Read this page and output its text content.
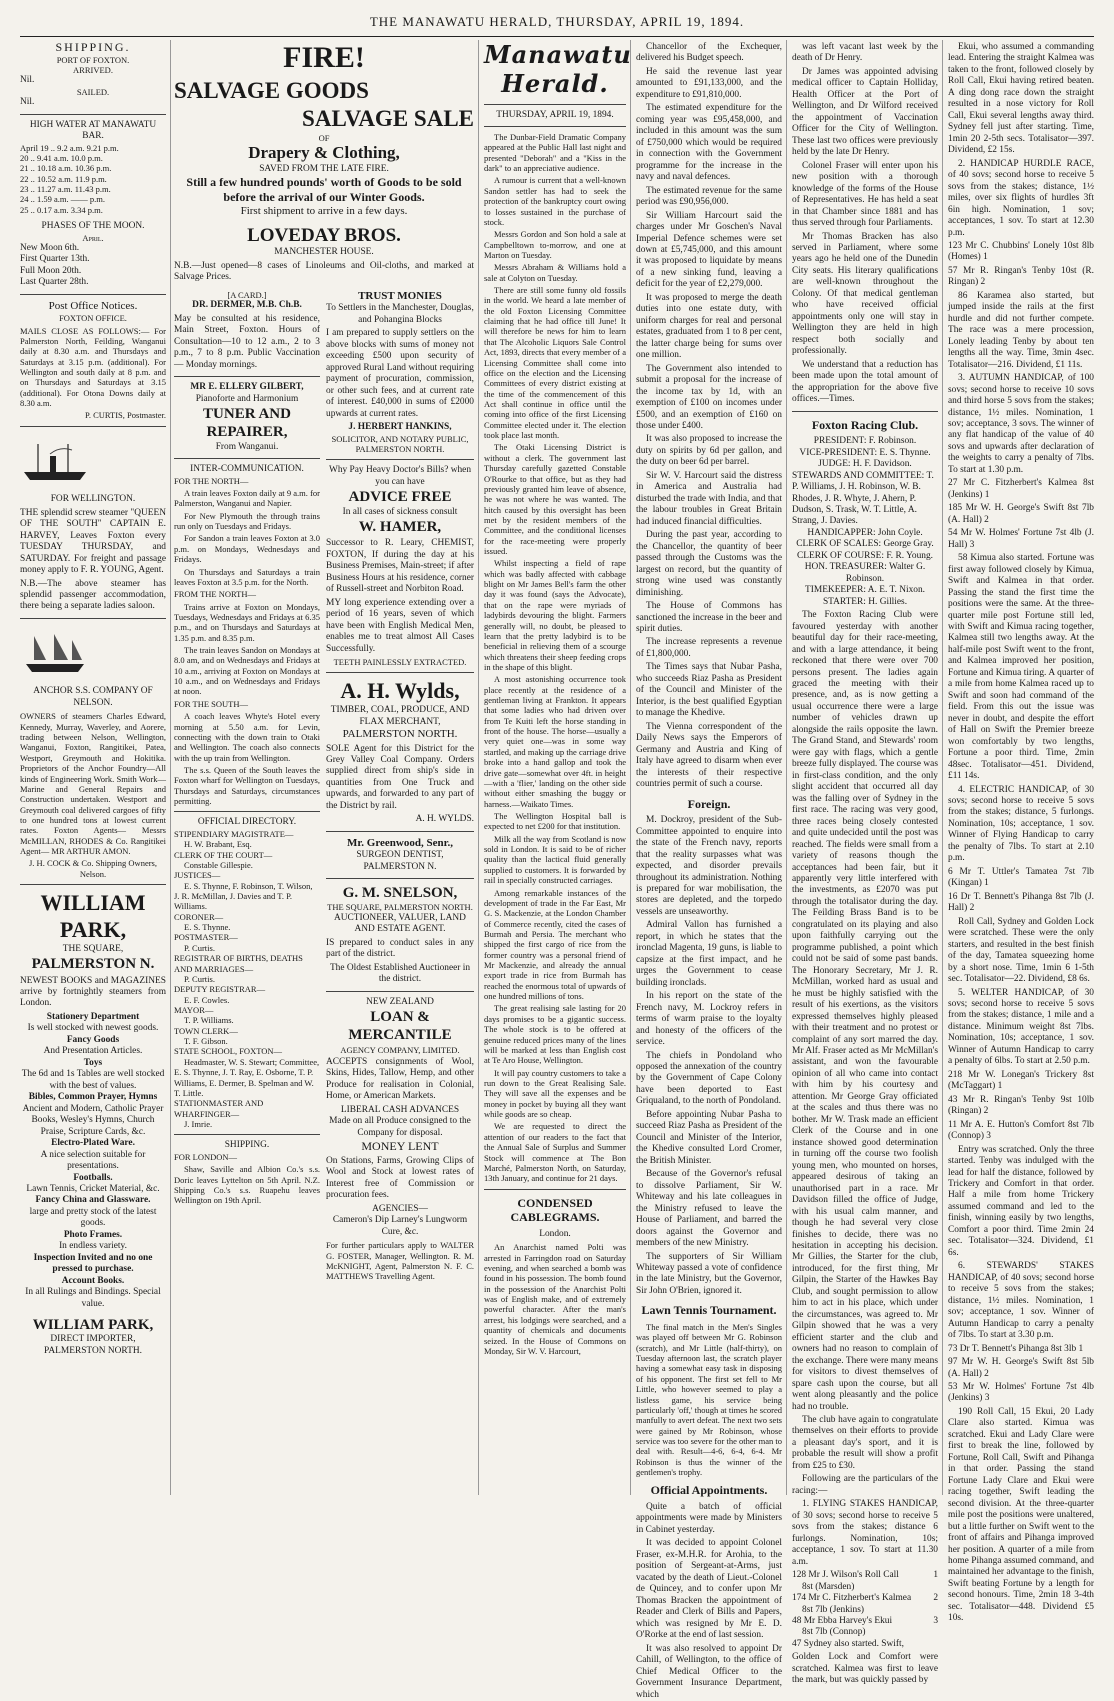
THE MANAWATU HERALD, THURSDAY, APRIL 19, 1894.
SHIPPING.
PORT OF FOXTON.
ARRIVED.
Nil.
SAILED.
Nil.
HIGH WATER AT MANAWATU BAR.
April 19 .. 9.2 a.m. 9.21 p.m.
20 .. 9.41 a.m. 10.0 p.m.
21 .. 10.18 a.m. 10.36 p.m.
22 .. 10.52 a.m. 11.9 p.m.
23 .. 11.27 a.m. 11.43 p.m.
24 .. 1.59 a.m. —— p.m.
25 .. 0.17 a.m. 3.34 p.m.
PHASES OF THE MOON.
April.
New Moon 6th.
First Quarter 13th.
Full Moon 20th.
Last Quarter 28th.
Post Office Notices.
FOXTON OFFICE.

MAILS CLOSE AS FOLLOWS:— For Palmerston North, Feilding, Wanganui daily at 8.30 a.m. and Thursdays and Saturdays at 3.15 p.m. (additional). For Wellington and south daily at 8 p.m. and on Thursdays and Saturdays at 3.15 (additional). For Otona Downs daily at 8.30 a.m.

P. CURTIS, Postmaster.
FOR WELLINGTON.

THE splendid screw steamer "QUEEN OF THE SOUTH" CAPTAIN E. HARVEY, Leaves Foxton every TUESDAY THURSDAY, and SATURDAY. For freight and passage money apply to F. R. YOUNG, Agent.

N.B.—The above steamer has splendid passenger accommodation, there being a separate ladies saloon.

ANCHOR S.S. COMPANY OF NELSON.

OWNERS of steamers Charles Edward, Kennedy, Murray, Waverley, and Aorere, trading between Nelson, Wellington, Wanganui, Foxton, Rangitikei, Patea, Westport, Greymouth and Hokitika. Proprietors of the Anchor Foundry—All kinds of Engineering Work. Smith Work—Marine and General Repairs and Construction undertaken. Westport and Greymouth coal delivered cargoes of fifty to one hundred tons at lowest current rates. Foxton Agents— Messrs McMILLAN, RHODES & Co. Rangitikei Agent— MR ARTHUR AMON.

J. H. COCK & Co. Shipping Owners, Nelson.
WILLIAM PARK,
THE SQUARE,
PALMERSTON N.

NEWEST BOOKS and MAGAZINES arrive by fortnightly steamers from London.

Stationery Department
Is well stocked with newest goods.
Fancy Goods
And Presentation Articles.
Toys
The 6d and 1s Tables are well stocked with the best of values.
Bibles, Common Prayer, Hymns
Ancient and Modern, Catholic Prayer Books, Wesley's Hymns, Church Praise, Scripture Cards, &c.
Electro-Plated Ware.
A nice selection suitable for presentations.
Footballs.
Lawn Tennis, Cricket Material, &c.
Fancy China and Glassware.
large and pretty stock of the latest goods.
Photo Frames.
In endless variety.
Inspection Invited and no one pressed to purchase.
Account Books.
In all Rulings and Bindings. Special value.
WILLIAM PARK,
DIRECT IMPORTER,
PALMERSTON NORTH.
FIRE!
SALVAGE GOODS
SALVAGE SALE
OF
Drapery & Clothing,
SAVED FROM THE LATE FIRE.
Still a few hundred pounds' worth of Goods to be sold before the arrival of our Winter Goods.
First shipment to arrive in a few days.
LOVEDAY BROS.
MANCHESTER HOUSE.

N.B.—Just opened—8 cases of Linoleums and Oil-cloths, and marked at Salvage Prices.

[A CARD.]
DR. DERMER, M.B. Ch.B.

May be consulted at his residence, Main Street, Foxton. Hours of Consultation—10 to 12 a.m., 2 to 3 p.m., 7 to 8 p.m. Public Vaccination — Monday mornings.

MR E. ELLERY GILBERT,
Pianoforte and Harmonium
TUNER AND REPAIRER,
From Wanganui.
INTER-COMMUNICATION.
FOR THE NORTH—

A train leaves Foxton daily at 9 a.m. for Palmerston, Wanganui and Napier.

For New Plymouth the through trains run only on Tuesdays and Fridays.

For Sandon a train leaves Foxton at 3.0 p.m. on Mondays, Wednesdays and Fridays.

On Thursdays and Saturdays a train leaves Foxton at 3.5 p.m. for the North.

FROM THE NORTH—

Trains arrive at Foxton on Mondays, Tuesdays, Wednesdays and Fridays at 6.35 p.m., and on Thursdays and Saturdays at 1.35 p.m. and 8.35 p.m.

The train leaves Sandon on Mondays at 8.0 am, and on Wednesdays and Fridays at 10 a.m., arriving at Foxton on Mondays at 10 a.m., and on Wednesdays and Fridays at noon.

FOR THE SOUTH—

A coach leaves Whyte's Hotel every morning at 5.50 a.m. for Levin, connecting with the down train to Otaki and Wellington. The coach also connects with the up train from Wellington.

The s.s. Queen of the South leaves the Foxton wharf for Wellington on Tuesdays, Thursdays and Saturdays, circumstances permitting.

OFFICIAL DIRECTORY.
STIPENDIARY MAGISTRATE—
H. W. Brabant, Esq.
CLERK OF THE COURT—
Constable Gillespie.
JUSTICES—
E. S. Thynne, F. Robinson, T. Wilson, J. R. McMillan, J. Davies and T. P. Williams.
CORONER—
E. S. Thynne.
POSTMASTER—
P. Curtis.
REGISTRAR OF BIRTHS, DEATHS AND MARRIAGES—
P. Curtis.
DEPUTY REGISTRAR—
E. F. Cowles.
MAYOR—
T. P. Williams.
TOWN CLERK—
T. F. Gibson.
STATE SCHOOL, FOXTON—
Headmaster, W. S. Stewart; Committee, E. S. Thynne, J. T. Ray, E. Osborne, T. P. Williams, E. Dermer, B. Spelman and W. T. Little.
STATIONMASTER AND WHARFINGER—
J. Imrie.
SHIPPING.
FOR LONDON—

Shaw, Saville and Albion Co.'s s.s. Doric leaves Lyttelton on 5th April. N.Z. Shipping Co.'s s.s. Ruapehu leaves Wellington on 19th April.

TRUST MONIES
To Settlers in the Manchester, Douglas, and Pohangina Blocks

I am prepared to supply settlers on the above blocks with sums of money not exceeding £500 upon security of approved Rural Land without requiring payment of procuration, commission, or other such fees, and at current rate of interest. £40,000 in sums of £2000 upwards at current rates.

J. HERBERT HANKINS,
SOLICITOR, AND NOTARY PUBLIC, PALMERSTON NORTH.
Why Pay Heavy Doctor's Bills? when you can have
ADVICE FREE
In all cases of sickness consult
W. HAMER,

Successor to R. Leary, CHEMIST, FOXTON, If during the day at his Business Premises, Main-street; if after Business Hours at his residence, corner of Russell-street and Norbiton Road.

MY long experience extending over a period of 16 years, seven of which have been with English Medical Men, enables me to treat almost All Cases Successfully.

TEETH PAINLESSLY EXTRACTED.
A. H. Wylds,
TIMBER, COAL, PRODUCE, AND FLAX MERCHANT,
PALMERSTON NORTH.

SOLE Agent for this District for the Grey Valley Coal Company. Orders supplied direct from ship's side in quantities from One Truck and upwards, and forwarded to any part of the District by rail.

A. H. WYLDS.
Mr. Greenwood, Senr.,
SURGEON DENTIST,
PALMERSTON N.
G. M. SNELSON,
THE SQUARE, PALMERSTON NORTH.
AUCTIONEER, VALUER, LAND AND ESTATE AGENT.

IS prepared to conduct sales in any part of the district.

The Oldest Established Auctioneer in the district.
NEW ZEALAND
LOAN & MERCANTILE
AGENCY COMPANY, LIMITED.

ACCEPTS consignments of Wool, Skins, Hides, Tallow, Hemp, and other Produce for realisation in Colonial, Home, or American Markets.

LIBERAL CASH ADVANCES
Made on all Produce consigned to the Company for disposal.
MONEY LENT

On Stations, Farms, Growing Clips of Wool and Stock at lowest rates of Interest free of Commission or procuration fees.

AGENCIES—
Cameron's Dip Larney's Lungworm Cure, &c.

For further particulars apply to WALTER G. FOSTER, Manager, Wellington. R. M. McKNIGHT, Agent, Palmerston N. F. C. MATTHEWS Travelling Agent.

Manawatu Herald.
THURSDAY, APRIL 19, 1894.

The Dunbar-Field Dramatic Company appeared at the Public Hall last night and presented "Deborah" and a "Kiss in the dark" to an appreciative audience.

A rumour is current that a well-known Sandon settler has had to seek the protection of the bankruptcy court owing to losses sustained in the purchase of stock.

Messrs Gordon and Son hold a sale at Campbelltown to-morrow, and one at Marton on Tuesday.

Messrs Abraham & Williams hold a sale at Colyton on Tuesday.

There are still some funny old fossils in the world. We heard a late member of the old Foxton Licensing Committee claiming that he had office till June! It will therefore be news for him to learn that The Alcoholic Liquors Sale Control Act, 1893, directs that every member of a Licensing Committee shall come into office on the election and the Licensing Committees of every district existing at the time of the commencement of this Act shall continue in office until the coming into office of the first Licensing Committee elected under it. The election took place last month.

The Otaki Licensing District is without a clerk. The government last Thursday carefully gazetted Constable O'Rourke to that office, but as they had previously granted him leave of absence, he was not where he was wanted. The hitch caused by this oversight has been met by the resident members of the Committee, and the conditional licenses for the race-meeting were properly issued.

Whilst inspecting a field of rape which was badly affected with cabbage blight on Mr James Bell's farm the other day it was found (says the Advocate), that on the rape were myriads of ladybirds devouring the blight. Farmers generally will, no doubt, be pleased to learn that the pretty ladybird is to be beneficial in relieving them of a scourge which threatens their sheep feeding crops in the shape of this blight.

A most astonishing occurrence took place recently at the residence of a gentleman living at Frankton. It appears that some ladies who had driven over from Te Kuiti left the horse standing in front of the house. The horse—usually a very quiet one—was in some way startled, and making up the carriage drive broke into a hand gallop and took the drive gate—somewhat over 4ft. in height—with a 'flier,' landing on the other side without either smashing the buggy or harness.—Waikato Times.

The Wellington Hospital ball is expected to net £200 for that institution.

Milk all the way from Scotland is now sold in London. It is said to be of richer quality than the lactical fluid generally supplied to customers. It is forwarded by rail in specially constructed carriages.

Among remarkable instances of the development of trade in the Far East, Mr G. S. Mackenzie, at the London Chamber of Commerce recently, cited the cases of Burmah and Persia. The merchant who shipped the first cargo of rice from the former country was a personal friend of Mr Mackenzie, and already the annual export trade in rice from Burmah has reached the enormous total of upwards of one hundred millions of tons.

The great realising sale lasting for 20 days promises to be a gigantic success. The whole stock is to be offered at genuine reduced prices many of the lines will be marked at less than English cost at Te Aro House, Wellington.

It will pay country customers to take a run down to the Great Realising Sale. They will save all the expenses and be money in pocket by buying all they want while goods are so cheap.

We are requested to direct the attention of our readers to the fact that the Annual Sale of Surplus and Summer Stock will commence at The Bon Marché, Palmerston North, on Saturday, 13th January, and continue for 21 days.

CONDENSED CABLEGRAMS.
London.

An Anarchist named Polti was arrested in Farringdon road on Saturday evening, and when searched a bomb was found in his possession. The bomb found in the possession of the Anarchist Polti was of English make, and of extremely powerful character. After the man's arrest, his lodgings were searched, and a quantity of chemicals and documents seized. In the House of Commons on Monday, Sir W. V. Harcourt,

Chancellor of the Exchequer, delivered his Budget speech.

He said the revenue last year amounted to £91,133,000, and the expenditure to £91,810,000.

The estimated expenditure for the coming year was £95,458,000, and included in this amount was the sum of £750,000 which would be required in connection with the Government programme for the increase in the navy and naval defences.

The estimated revenue for the same period was £90,956,000.

Sir William Harcourt said the charges under Mr Goschen's Naval Imperial Defence schemes were set down at £5,745,000, and this amount it was proposed to liquidate by means of a new sinking fund, leaving a deficit for the year of £2,279,000.

It was proposed to merge the death duties into one estate duty, with uniform charges for real and personal estates, graduated from 1 to 8 per cent, the latter charge being for sums over one million.

The Government also intended to submit a proposal for the increase of the income tax by 1d, with an exemption of £100 on incomes under £500, and an exemption of £160 on those under £400.

It was also proposed to increase the duty on spirits by 6d per gallon, and the duty on beer 6d per barrel.

Sir W. V. Harcourt said the distress in America and Australia had disturbed the trade with India, and that the labour troubles in Great Britain had induced financial difficulties.

During the past year, according to the Chancellor, the quantity of beer passed through the Customs was the largest on record, but the quantity of strong wine used was constantly diminishing.

The House of Commons has sanctioned the increase in the beer and spirit duties.

The increase represents a revenue of £1,800,000.

The Times says that Nubar Pasha, who succeeds Riaz Pasha as President of the Council and Minister of the Interior, is the best qualified Egyptian to manage the Khedive.

The Vienna correspondent of the Daily News says the Emperors of Germany and Austria and King of Italy have agreed to disarm when ever the interests of their respective countries permit of such a course.

Foreign.

M. Dockroy, president of the Sub-Committee appointed to enquire into the state of the French navy, reports that the reality surpasses what was expected, and disorder prevails throughout its administration. Nothing is prepared for war mobilisation, the stores are depleted, and the torpedo vessels are unseaworthy.

Admiral Vallon has furnished a report, in which he states that the ironclad Magenta, 19 guns, is liable to capsize at the first impact, and he urges the Government to cease building ironclads.

In his report on the state of the French navy, M. Lockroy refers in terms of warm praise to the loyalty and honesty of the officers of the service.

The chiefs in Pondoland who opposed the annexation of the country by the Government of Cape Colony have been deported to East Griqualand, to the north of Pondoland.

Before appointing Nubar Pasha to succeed Riaz Pasha as President of the Council and Minister of the Interior, the Khedive consulted Lord Cromer, the British Minister.

Because of the Governor's refusal to dissolve Parliament, Sir W. Whiteway and his late colleagues in the Ministry refused to leave the House of Parliament, and barred the doors against the Governor and members of the new Ministry.

The supporters of Sir William Whiteway passed a vote of confidence in the late Ministry, but the Governor, Sir John O'Brien, ignored it.

Lawn Tennis Tournament.

The final match in the Men's Singles was played off between Mr G. Robinson (scratch), and Mr Little (half-thirty), on Tuesday afternoon last, the scratch player having a somewhat easy task in disposing of his opponent. The first set fell to Mr Little, who however seemed to play a listless game, his service being particularly 'off,' though at times he scored manfully to avert defeat. The next two sets were gained by Mr Robinson, whose service was too severe for the other man to deal with. Result—4-6, 6-4, 6-4. Mr Robinson is thus the winner of the gentlemen's trophy.

Official Appointments.

Quite a batch of official appointments were made by Ministers in Cabinet yesterday.

It was decided to appoint Colonel Fraser, ex-M.H.R. for Arohia, to the position of Sergeant-at-Arms, just vacated by the death of Lieut.-Colonel de Quincey, and to confer upon Mr Thomas Bracken the appointment of Reader and Clerk of Bills and Papers, which was resigned by Mr E. D. O'Rorke at the end of last session.

It was also resolved to appoint Dr Cahill, of Wellington, to the office of Chief Medical Officer to the Government Insurance Department, which

was left vacant last week by the death of Dr Henry.

Dr James was appointed advising medical officer to Captain Holliday, Health Officer at the Port of Wellington, and Dr Wilford received the appointment of Vaccination Officer for the City of Wellington. These last two offices were previously held by the late Dr Henry.

Colonel Fraser will enter upon his new position with a thorough knowledge of the forms of the House of Representatives. He has held a seat in that Chamber since 1881 and has thus served through four Parliaments.

Mr Thomas Bracken has also served in Parliament, where some years ago he held one of the Dunedin City seats. His literary qualifications are well-known throughout the Colony. Of that medical gentleman who have received official appointments only one will stay in Wellington they are held in high respect both socially and professionally.

We understand that a reduction has been made upon the total amount of the appropriation for the above five offices.—Times.

Foxton Racing Club.
PRESIDENT: F. Robinson.
VICE-PRESIDENT: E. S. Thynne.
JUDGE: H. F. Davidson.
STEWARDS AND COMMITTEE: T. P. Williams, J. H. Robinson, W. B. Rhodes, J. R. Whyte, J. Ahern, P. Dudson, S. Trask, W. T. Little, A. Strang, J. Davies.
HANDICAPPER: John Coyle.
CLERK OF SCALES: George Gray.
CLERK OF COURSE: F. R. Young.
HON. TREASURER: Walter G. Robinson.
TIMEKEEPER: A. E. T. Nixon.
STARTER: H. Gillies.

The Foxton Racing Club were favoured yesterday with another beautiful day for their race-meeting, and with a large attendance, it being reckoned that there were over 700 persons present. The ladies again graced the meeting with their presence, and, as is now getting a usual occurrence there were a large number of vehicles drawn up alongside the rails opposite the lawn. The Grand Stand, and Stewards' room were gay with flags, which a gentle breeze fully displayed. The course was in first-class condition, and the only slight accident that occurred all day was the falling over of Sydney in the first race. The racing was very good, three races being closely contested and quite undecided until the post was reached. The fields were small from a variety of reasons though the acceptances had been fair, but it apparently very little interfered with the investments, as £2070 was put through the totalisator during the day. The Feilding Brass Band is to be congratulated on its playing and also upon faithfully carrying out the programme published, a point which could not be said of some past bands. The Honorary Secretary, Mr J. R. McMillan, worked hard as usual and he must be highly satisfied with the result of his exertions, as the visitors expressed themselves highly pleased with their treatment and no protest or complaint of any sort marred the day. Mr Alf. Fraser acted as Mr McMillan's assistant, and won the favourable opinion of all who came into contact with him by his courtesy and attention. Mr George Gray officiated at the scales and thus there was no bother. Mr W. Trask made an efficient Clerk of the Course and in one instance showed good determination in turning off the course two foolish young men, who mounted on horses, appeared desirous of taking an unauthorised part in a race. Mr Davidson filled the office of Judge, with his usual calm manner, and though he had several very close finishes to decide, there was no hesitation in accepting his decision. Mr Gillies, the Starter for the club, introduced, for the first thing, Mr Gilpin, the Starter of the Hawkes Bay Club, and sought permission to allow him to act in his place, which under the circumstances, was agreed to. Mr Gilpin showed that he was a very efficient starter and the club and owners had no reason to complain of the exchange. There were many means for visitors to divest themselves of spare cash upon the course, but all went along pleasantly and the police had no trouble.

The club have again to congratulate themselves on their efforts to provide a pleasant day's sport, and it is probable the result will show a profit from £25 to £30.

Following are the particulars of the racing:—

1. FLYING STAKES HANDICAP, of 30 sovs; second horse to receive 5 sovs from the stakes; distance 6 furlongs. Nomination, 10s; acceptance, 1 sov. To start at 11.30 a.m.

128 Mr J. Wilson's Roll Call	1
8st (Marsden)
174 Mr C. Fitzherbert's Kalmea 2
8st 7lb (Jenkins)
48 Mr Ebba Harvey's Ekui	3
8st 7lb (Connop)
47 Sydney also started. Swift,

Golden Lock and Comfort were scratched. Kalmea was first to leave the mark, but was quickly passed by

Ekui, who assumed a commanding lead. Entering the straight Kalmea was taken to the front, followed closely by Roll Call, Ekui having retired beaten. A ding dong race down the straight resulted in a nose victory for Roll Call, Ekui several lengths away third. Sydney fell just after starting. Time, 1min 20 2-5th secs. Totalisator—397. Dividend, £2 15s.

2. HANDICAP HURDLE RACE, of 40 sovs; second horse to receive 5 sovs from the stakes; distance, 1½ miles, over six flights of hurdles 3ft 6in high. Nomination, 1 sov; acceptances, 1 sov. To start at 12.30 p.m.

123 Mr C. Chubbins' Lonely 10st 8lb (Homes) 1

57 Mr R. Ringan's Tenby 10st (R. Ringan) 2

86 Karamea also started, but jumped inside the rails at the first hurdle and did not further compete. The race was a mere procession, Lonely leading Tenby by about ten lengths all the way. Time, 3min 4sec. Totalisator—216. Dividend, £1 11s.

3. AUTUMN HANDICAP, of 100 sovs; second horse to receive 10 sovs and third horse 5 sovs from the stakes; distance, 1½ miles. Nomination, 1 sov; acceptance, 3 sovs. The winner of any flat handicap of the value of 40 sovs and upwards after declaration of the weights to carry a penalty of 7lbs. To start at 1.30 p.m.

27 Mr C. Fitzherbert's Kalmea 8st (Jenkins) 1

185 Mr W. H. George's Swift 8st 7lb (A. Hall) 2

54 Mr W. Holmes' Fortune 7st 4lb (J. Hall) 3

58 Kimua also started. Fortune was first away followed closely by Kimua, Swift and Kalmea in that order. Passing the stand the first time the positions were the same. At the three-quarter mile post Fortune still led, with Swift and Kimua racing together, Kalmea still two lengths away. At the half-mile post Swift went to the front, and Kalmea improved her position, Fortune and Kimua tiring. A quarter of a mile from home Kalmea raced up to Swift and soon had command of the field. From this out the issue was never in doubt, and despite the effort of Hall on Swift the Premier breeze won comfortably by two lengths, Fortune a poor third. Time, 2min 48sec. Totalisator—451. Dividend, £11 14s.

4. ELECTRIC HANDICAP, of 30 sovs; second horse to receive 5 sovs from the stakes; distance, 5 furlongs. Nomination, 10s; acceptance, 1 sov. Winner of Flying Handicap to carry the penalty of 7lbs. To start at 2.10 p.m.

6 Mr T. Uttler's Tamatea 7st 7lb (Kingan) 1

16 Dr T. Bennett's Pihanga 8st 7lb (J. Hall) 2

Roll Call, Sydney and Golden Lock were scratched. These were the only starters, and resulted in the best finish of the day, Tamatea squeezing home by a short nose. Time, 1min 6 1-5th sec. Totalisator—22. Dividend, £8 6s.

5. WELTER HANDICAP, of 30 sovs; second horse to receive 5 sovs from the stakes; distance, 1 mile and a distance. Minimum weight 8st 7lbs. Nomination, 10s; acceptance, 1 sov. Winner of Autumn Handicap to carry a penalty of 6lbs. To start at 2.50 p.m.

218 Mr W. Lonegan's Trickery 8st (McTaggart) 1

43 Mr R. Ringan's Tenby 9st 10lb (Ringan) 2

11 Mr A. E. Hutton's Comfort 8st 7lb (Connop) 3

Entry was scratched. Only the three started. Tenby was indulged with the lead for half the distance, followed by Trickery and Comfort in that order. Half a mile from home Trickery assumed command and led to the finish, winning easily by two lengths, Comfort a poor third. Time 2min 24 sec. Totalisator—324. Dividend, £1 6s.

6. STEWARDS' STAKES HANDICAP, of 40 sovs; second horse to receive 5 sovs from the stakes; distance, 1½ miles. Nomination, 1 sov; acceptance, 1 sov. Winner of Autumn Handicap to carry a penalty of 7lbs. To start at 3.30 p.m.

73 Dr T. Bennett's Pihanga 8st 3lb 1

97 Mr W. H. George's Swift 8st 5lb (A. Hall) 2

53 Mr W. Holmes' Fortune 7st 4lb (Jenkins) 3

190 Roll Call, 15 Ekui, 20 Lady Clare also started. Kimua was scratched. Ekui and Lady Clare were first to break the line, followed by Fortune, Roll Call, Swift and Pihanga in that order. Passing the stand Fortune Lady Clare and Ekui were racing together, Swift leading the second division. At the three-quarter mile post the positions were unaltered, but a little further on Swift went to the front of affairs and Pihanga improved her position. A quarter of a mile from home Pihanga assumed command, and maintained her advantage to the finish, Swift beating Fortune by a length for second honours. Time, 2min 18 3-4th sec. Totalisator—448. Dividend £5 10s.
